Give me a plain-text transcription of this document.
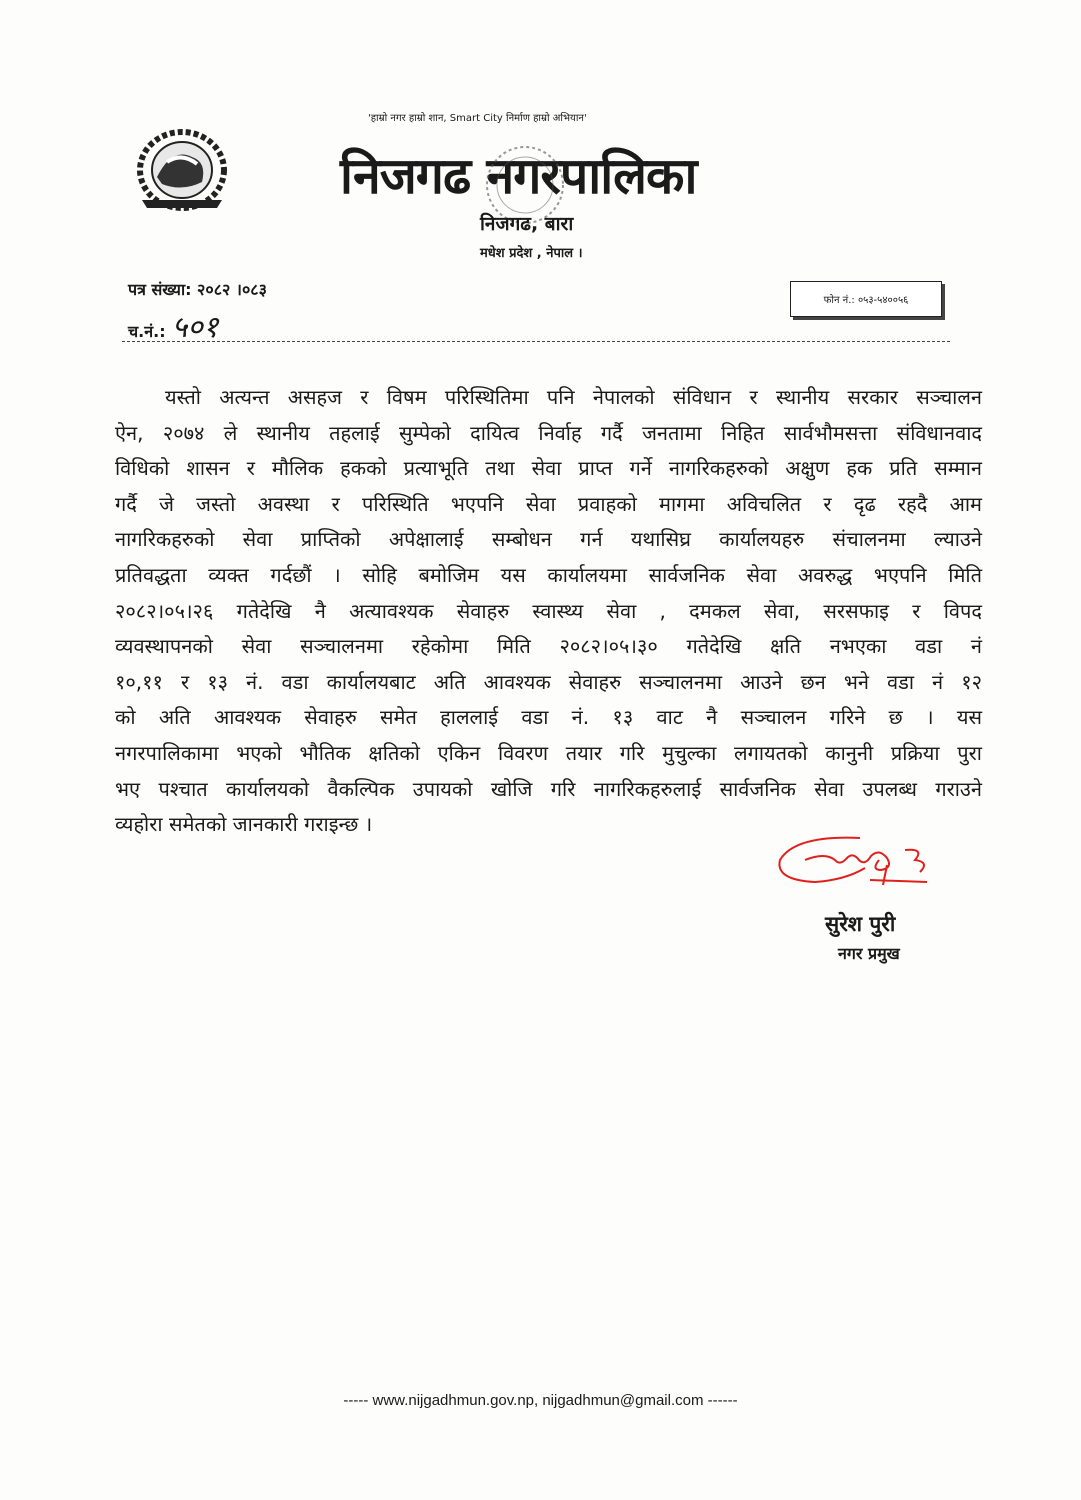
'हाम्रो नगर हाम्रो शान, Smart City निर्माण हाम्रो अभियान'
निजगढ नगरपालिका
निजगढ, बारा
मधेश प्रदेश , नेपाल ।
पत्र संख्या: २०८२ ।०८३
च.नं.: ५०१
फोन नं.: ०५३-५४००५६
यस्तो अत्यन्त असहज र विषम परिस्थितिमा पनि नेपालको संविधान र स्थानीय सरकार सञ्चालन
ऐन, २०७४ ले स्थानीय तहलाई सुम्पेको दायित्व निर्वाह गर्दै जनतामा निहित सार्वभौमसत्ता संविधानवाद
विधिको शासन र मौलिक हकको प्रत्याभूति तथा सेवा प्राप्त गर्ने नागरिकहरुको अक्षुण हक प्रति सम्मान
गर्दै जे जस्तो अवस्था र परिस्थिति भएपनि सेवा प्रवाहको मागमा अविचलित र दृढ रहदै आम
नागरिकहरुको सेवा प्राप्तिको अपेक्षालाई सम्बोधन गर्न यथासिघ्र कार्यालयहरु संचालनमा ल्याउने
प्रतिवद्धता व्यक्त गर्दछौं । सोहि बमोजिम यस कार्यालयमा सार्वजनिक सेवा अवरुद्ध भएपनि मिति
२०८२।०५।२६ गतेदेखि नै अत्यावश्यक सेवाहरु स्वास्थ्य सेवा , दमकल सेवा, सरसफाइ र विपद
व्यवस्थापनको सेवा सञ्चालनमा रहेकोमा मिति २०८२।०५।३० गतेदेखि क्षति नभएका वडा नं
१०,११ र १३ नं. वडा कार्यालयबाट अति आवश्यक सेवाहरु सञ्चालनमा आउने छन भने वडा नं १२
को अति आवश्यक सेवाहरु समेत हाललाई वडा नं. १३ वाट नै सञ्चालन गरिने छ । यस
नगरपालिकामा भएको भौतिक क्षतिको एकिन विवरण तयार गरि मुचुल्का लगायतको कानुनी प्रक्रिया पुरा
भए पश्चात कार्यालयको वैकल्पिक उपायको खोजि गरि नागरिकहरुलाई सार्वजनिक सेवा उपलब्ध गराउने
व्यहोरा समेतको जानकारी गराइन्छ ।
सुरेश पुरी
नगर प्रमुख
----- www.nijgadhmun.gov.np, nijgadhmun@gmail.com ------
